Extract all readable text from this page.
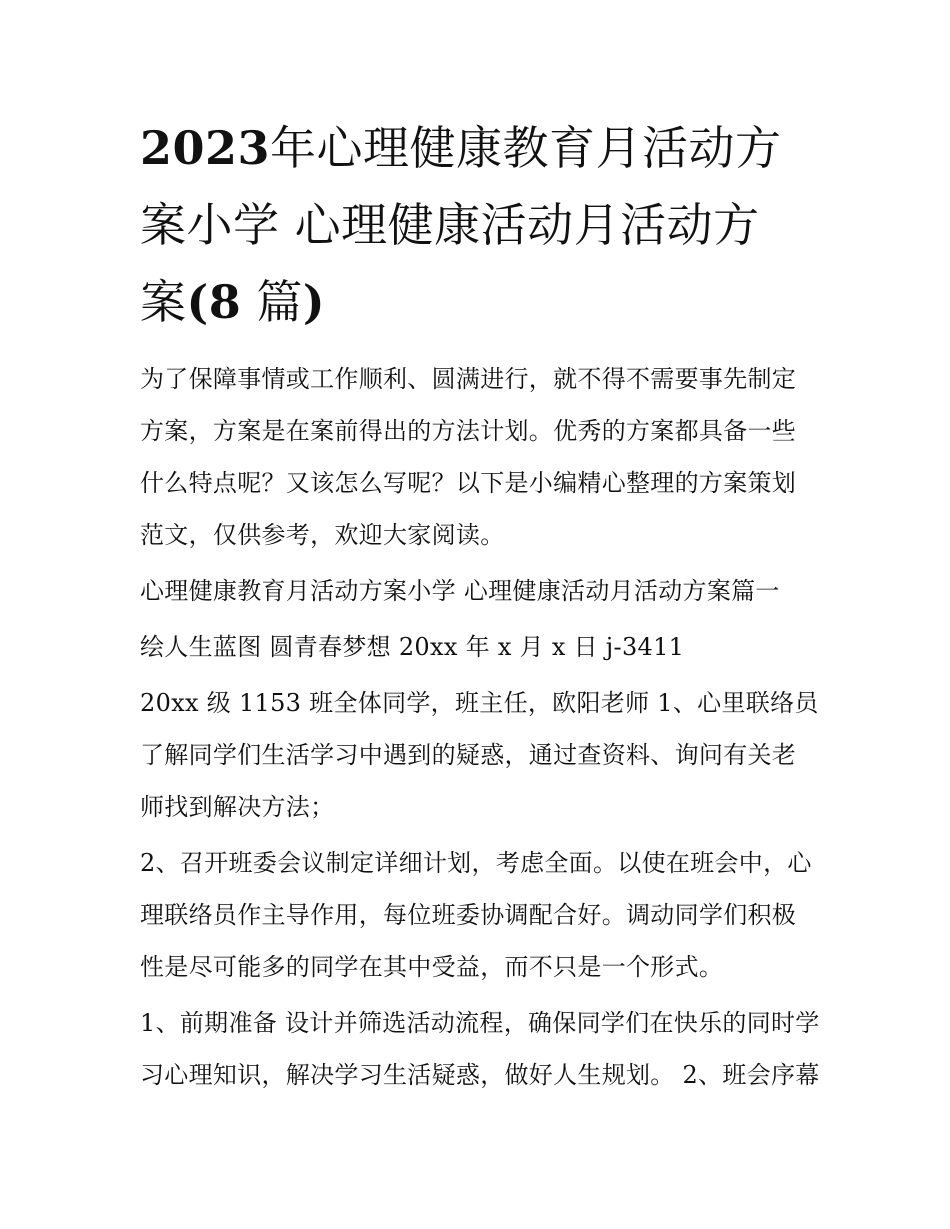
2023年心理健康教育月活动方
案小学 心理健康活动月活动方
案(8 篇)

为了保障事情或工作顺利、圆满进行，就不得不需要事先制定方案，方案是在案前得出的方法计划。优秀的方案都具备一些什么特点呢？又该怎么写呢？以下是小编精心整理的方案策划范文，仅供参考，欢迎大家阅读。

心理健康教育月活动方案小学 心理健康活动月活动方案篇一

绘人生蓝图 圆青春梦想 20xx 年 x 月 x 日 j-3411

20xx 级 1153 班全体同学，班主任，欧阳老师 1、心里联络员了解同学们生活学习中遇到的疑惑，通过查资料、询问有关老师找到解决方法；

2、召开班委会议制定详细计划，考虑全面。以使在班会中，心理联络员作主导作用，每位班委协调配合好。调动同学们积极性是尽可能多的同学在其中受益，而不只是一个形式。

1、前期准备 设计并筛选活动流程，确保同学们在快乐的同时学习心理知识，解决学习生活疑惑，做好人生规划。 2、班会序幕
